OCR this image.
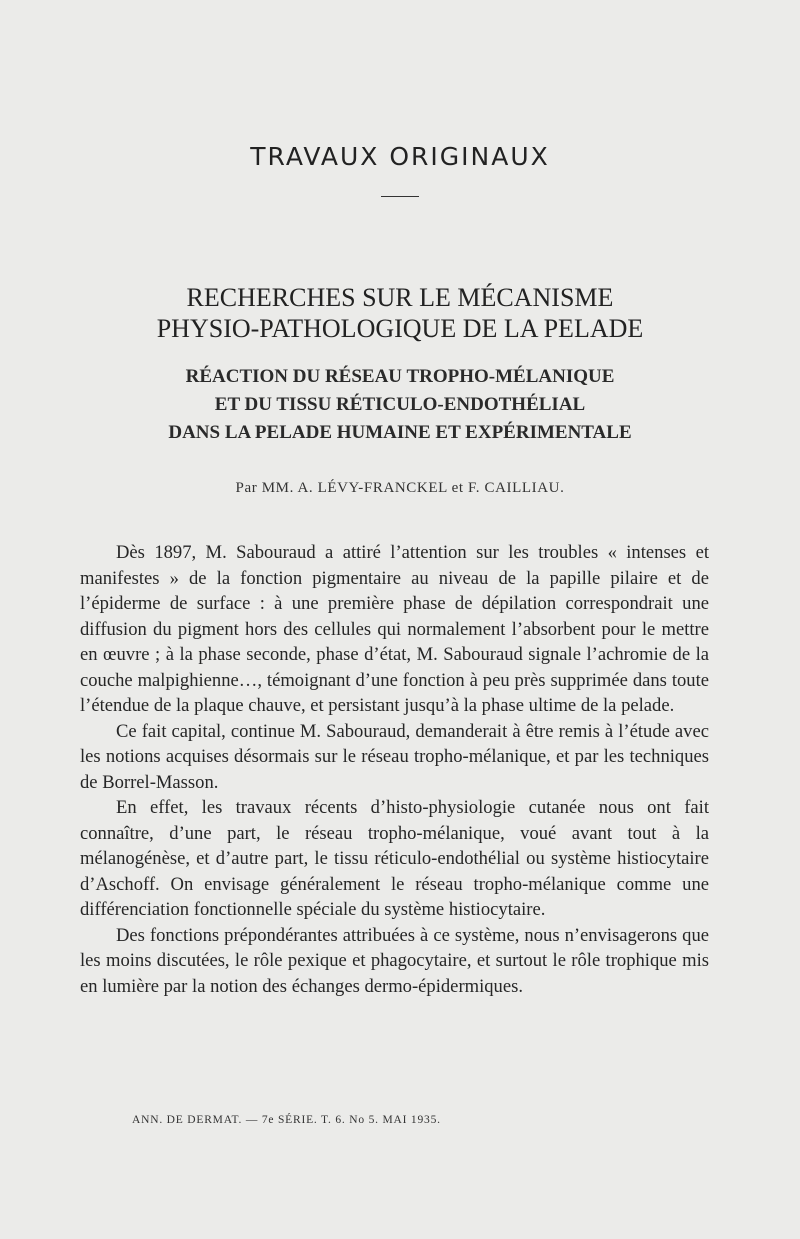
TRAVAUX ORIGINAUX
RECHERCHES SUR LE MÉCANISME
PHYSIO-PATHOLOGIQUE DE LA PELADE
RÉACTION DU RÉSEAU TROPHO-MÉLANIQUE
ET DU TISSU RÉTICULO-ENDOTHÉLIAL
DANS LA PELADE HUMAINE ET EXPÉRIMENTALE
Par MM. A. LÉVY-FRANCKEL et F. CAILLIAU.

Dès 1897, M. Sabouraud a attiré l’attention sur les troubles « intenses et manifestes » de la fonction pigmentaire au niveau de la papille pilaire et de l’épiderme de surface : à une première phase de dépilation correspondrait une diffusion du pigment hors des cellules qui normalement l’absorbent pour le mettre en œuvre ; à la phase seconde, phase d’état, M. Sabouraud signale l’achromie de la couche malpighienne…, témoignant d’une fonction à peu près supprimée dans toute l’étendue de la plaque chauve, et persistant jusqu’à la phase ultime de la pelade.

Ce fait capital, continue M. Sabouraud, demanderait à être remis à l’étude avec les notions acquises désormais sur le réseau tropho-mélanique, et par les techniques de Borrel-Masson.

En effet, les travaux récents d’histo-physiologie cutanée nous ont fait connaître, d’une part, le réseau tropho-mélanique, voué avant tout à la mélanogénèse, et d’autre part, le tissu réticulo-endothélial ou système histiocytaire d’Aschoff. On envisage généralement le réseau tropho-mélanique comme une différenciation fonctionnelle spéciale du système histiocytaire.

Des fonctions prépondérantes attribuées à ce système, nous n’envisagerons que les moins discutées, le rôle pexique et phagocytaire, et surtout le rôle trophique mis en lumière par la notion des échanges dermo-épidermiques.

ANN. DE DERMAT. — 7e SÉRIE. T. 6. No 5. MAI 1935.
